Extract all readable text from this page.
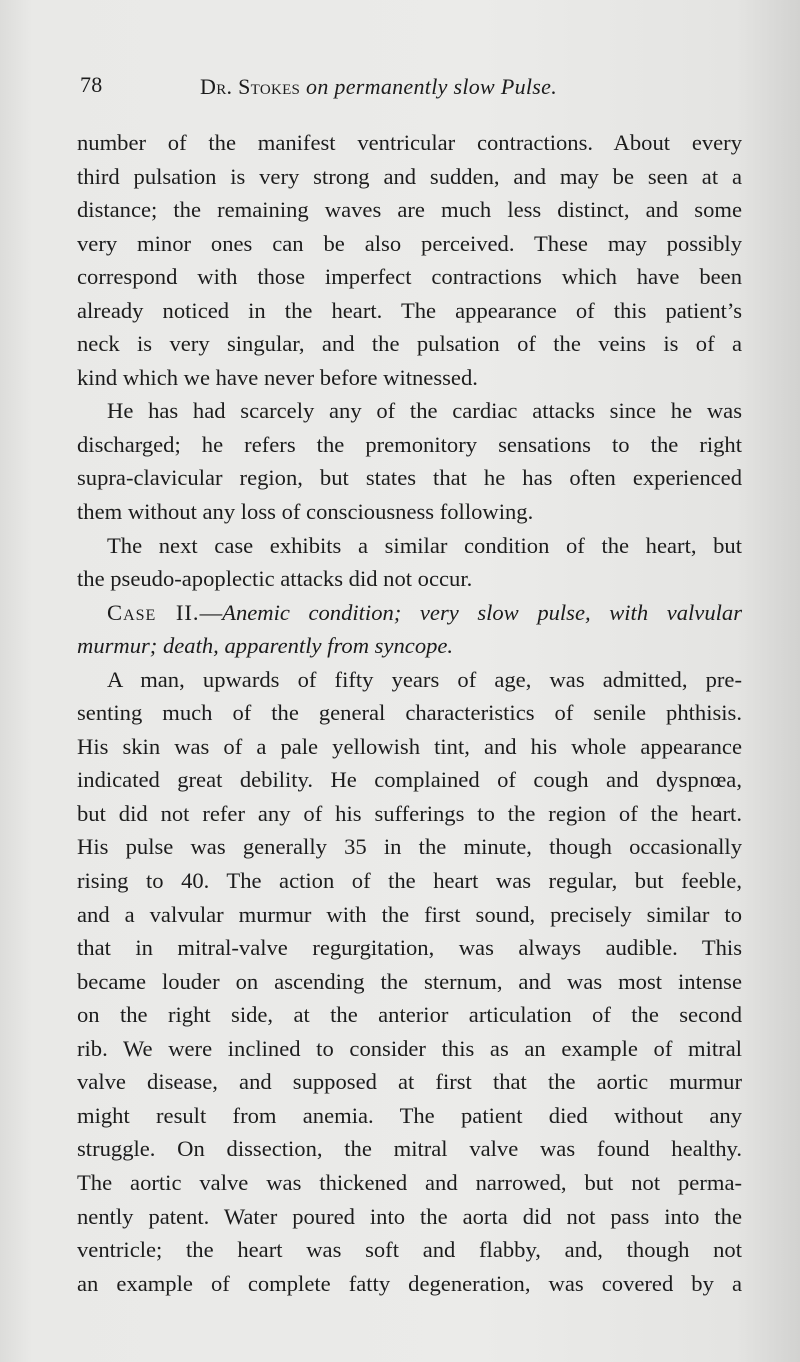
78	Dr. Stokes on permanently slow Pulse.
number of the manifest ventricular contractions. About every
third pulsation is very strong and sudden, and may be seen at a
distance; the remaining waves are much less distinct, and some
very minor ones can be also perceived. These may possibly
correspond with those imperfect contractions which have been
already noticed in the heart. The appearance of this patient’s
neck is very singular, and the pulsation of the veins is of a
kind which we have never before witnessed.
He has had scarcely any of the cardiac attacks since he was
discharged; he refers the premonitory sensations to the right
supra-clavicular region, but states that he has often experienced
them without any loss of consciousness following.
The next case exhibits a similar condition of the heart, but
the pseudo-apoplectic attacks did not occur.
Case II.—Anemic condition; very slow pulse, with valvular
murmur; death, apparently from syncope.
A man, upwards of fifty years of age, was admitted, pre-
senting much of the general characteristics of senile phthisis.
His skin was of a pale yellowish tint, and his whole appearance
indicated great debility. He complained of cough and dyspnœa,
but did not refer any of his sufferings to the region of the heart.
His pulse was generally 35 in the minute, though occasionally
rising to 40. The action of the heart was regular, but feeble,
and a valvular murmur with the first sound, precisely similar to
that in mitral-valve regurgitation, was always audible. This
became louder on ascending the sternum, and was most intense
on the right side, at the anterior articulation of the second
rib. We were inclined to consider this as an example of mitral
valve disease, and supposed at first that the aortic murmur
might result from anemia. The patient died without any
struggle. On dissection, the mitral valve was found healthy.
The aortic valve was thickened and narrowed, but not perma-
nently patent. Water poured into the aorta did not pass into the
ventricle; the heart was soft and flabby, and, though not
an example of complete fatty degeneration, was covered by a
